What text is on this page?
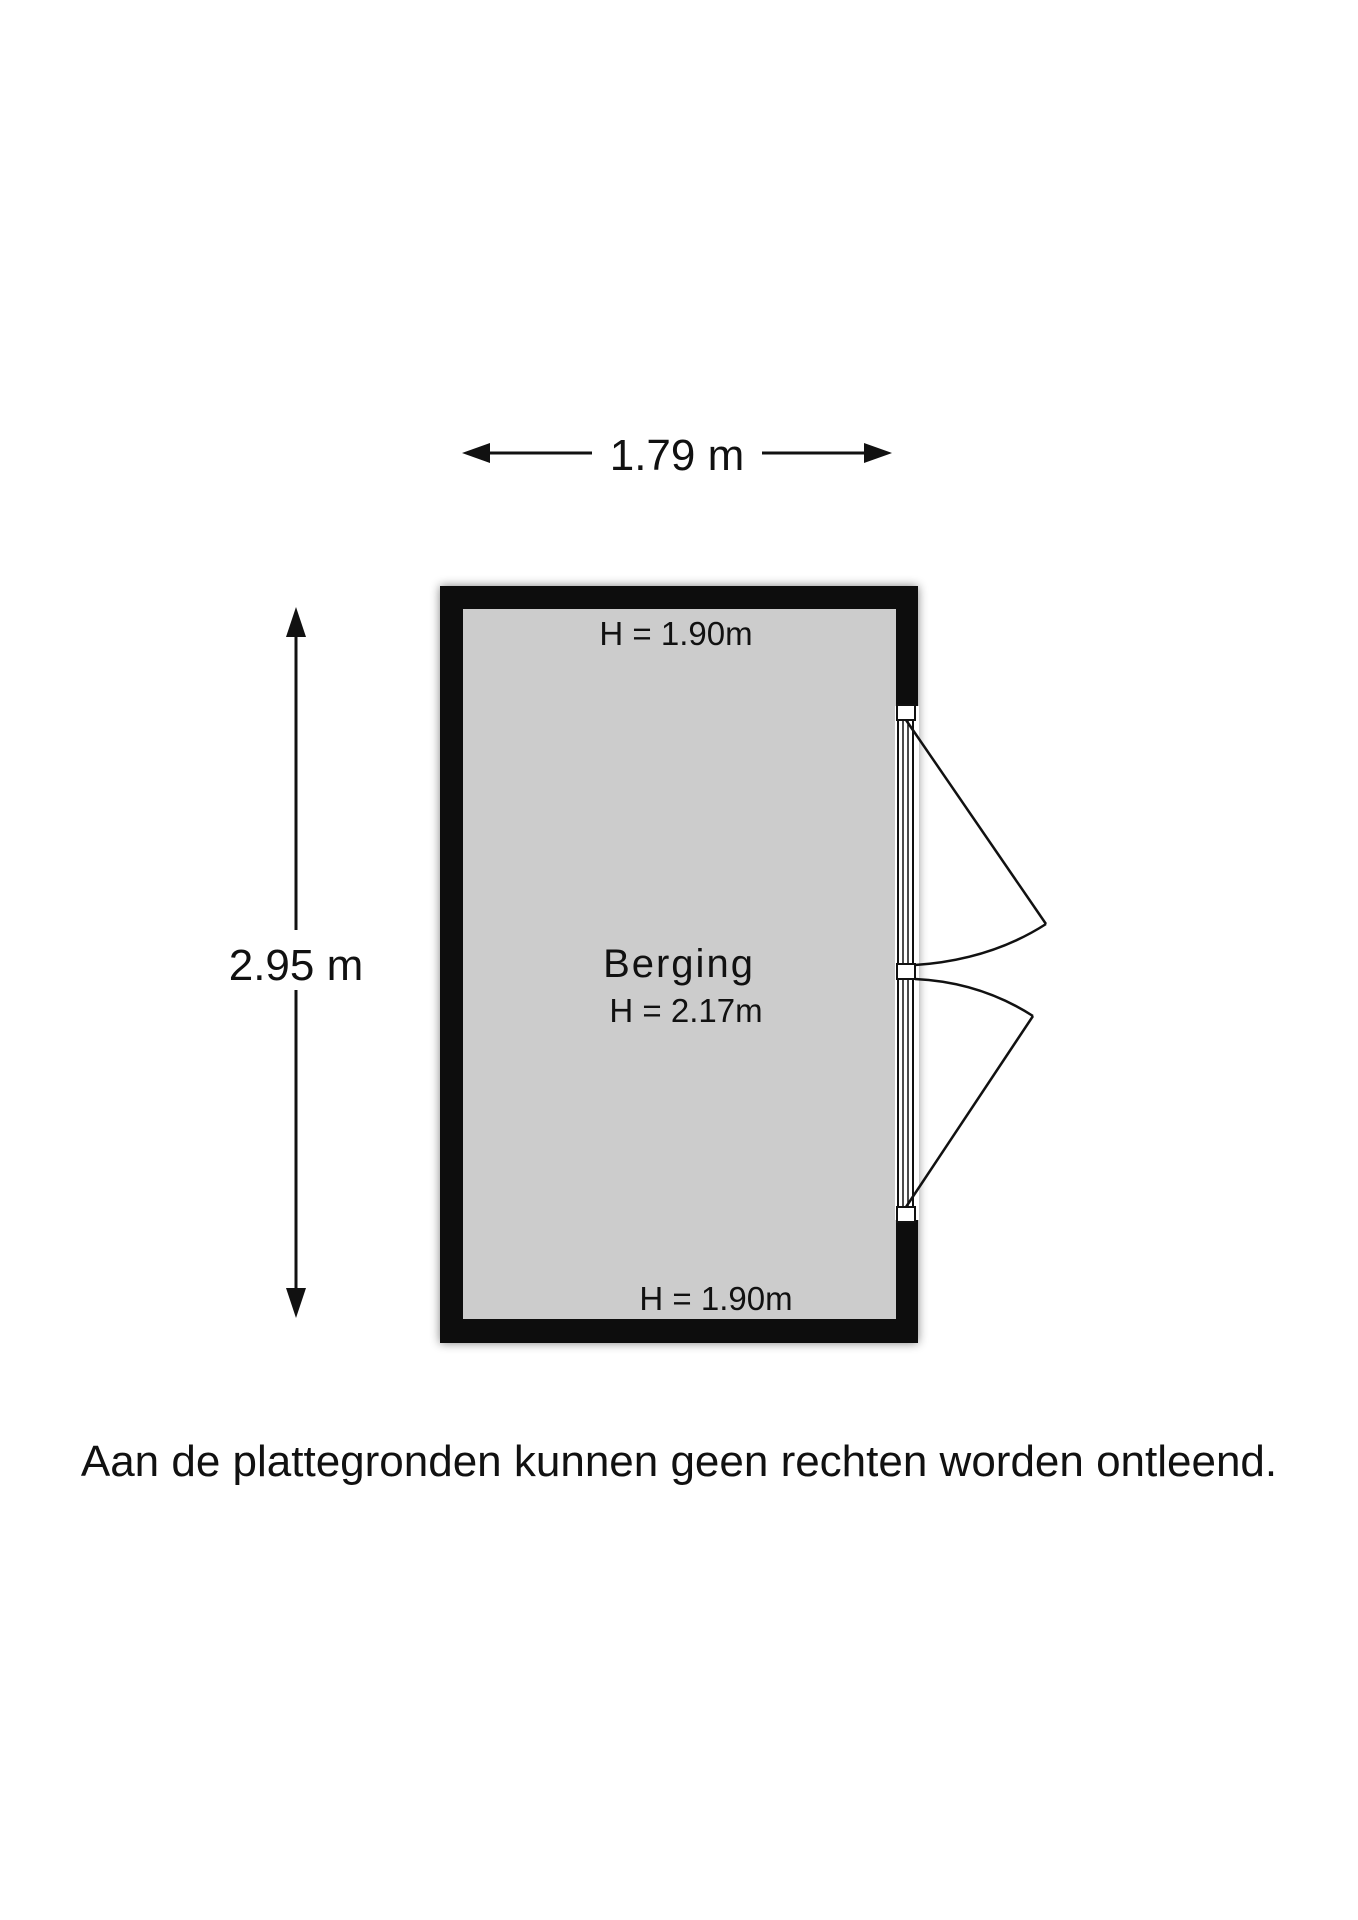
1.79 m
2.95 m
H = 1.90m
Berging
H = 2.17m
H = 1.90m
Aan de plattegronden kunnen geen rechten worden ontleend.
